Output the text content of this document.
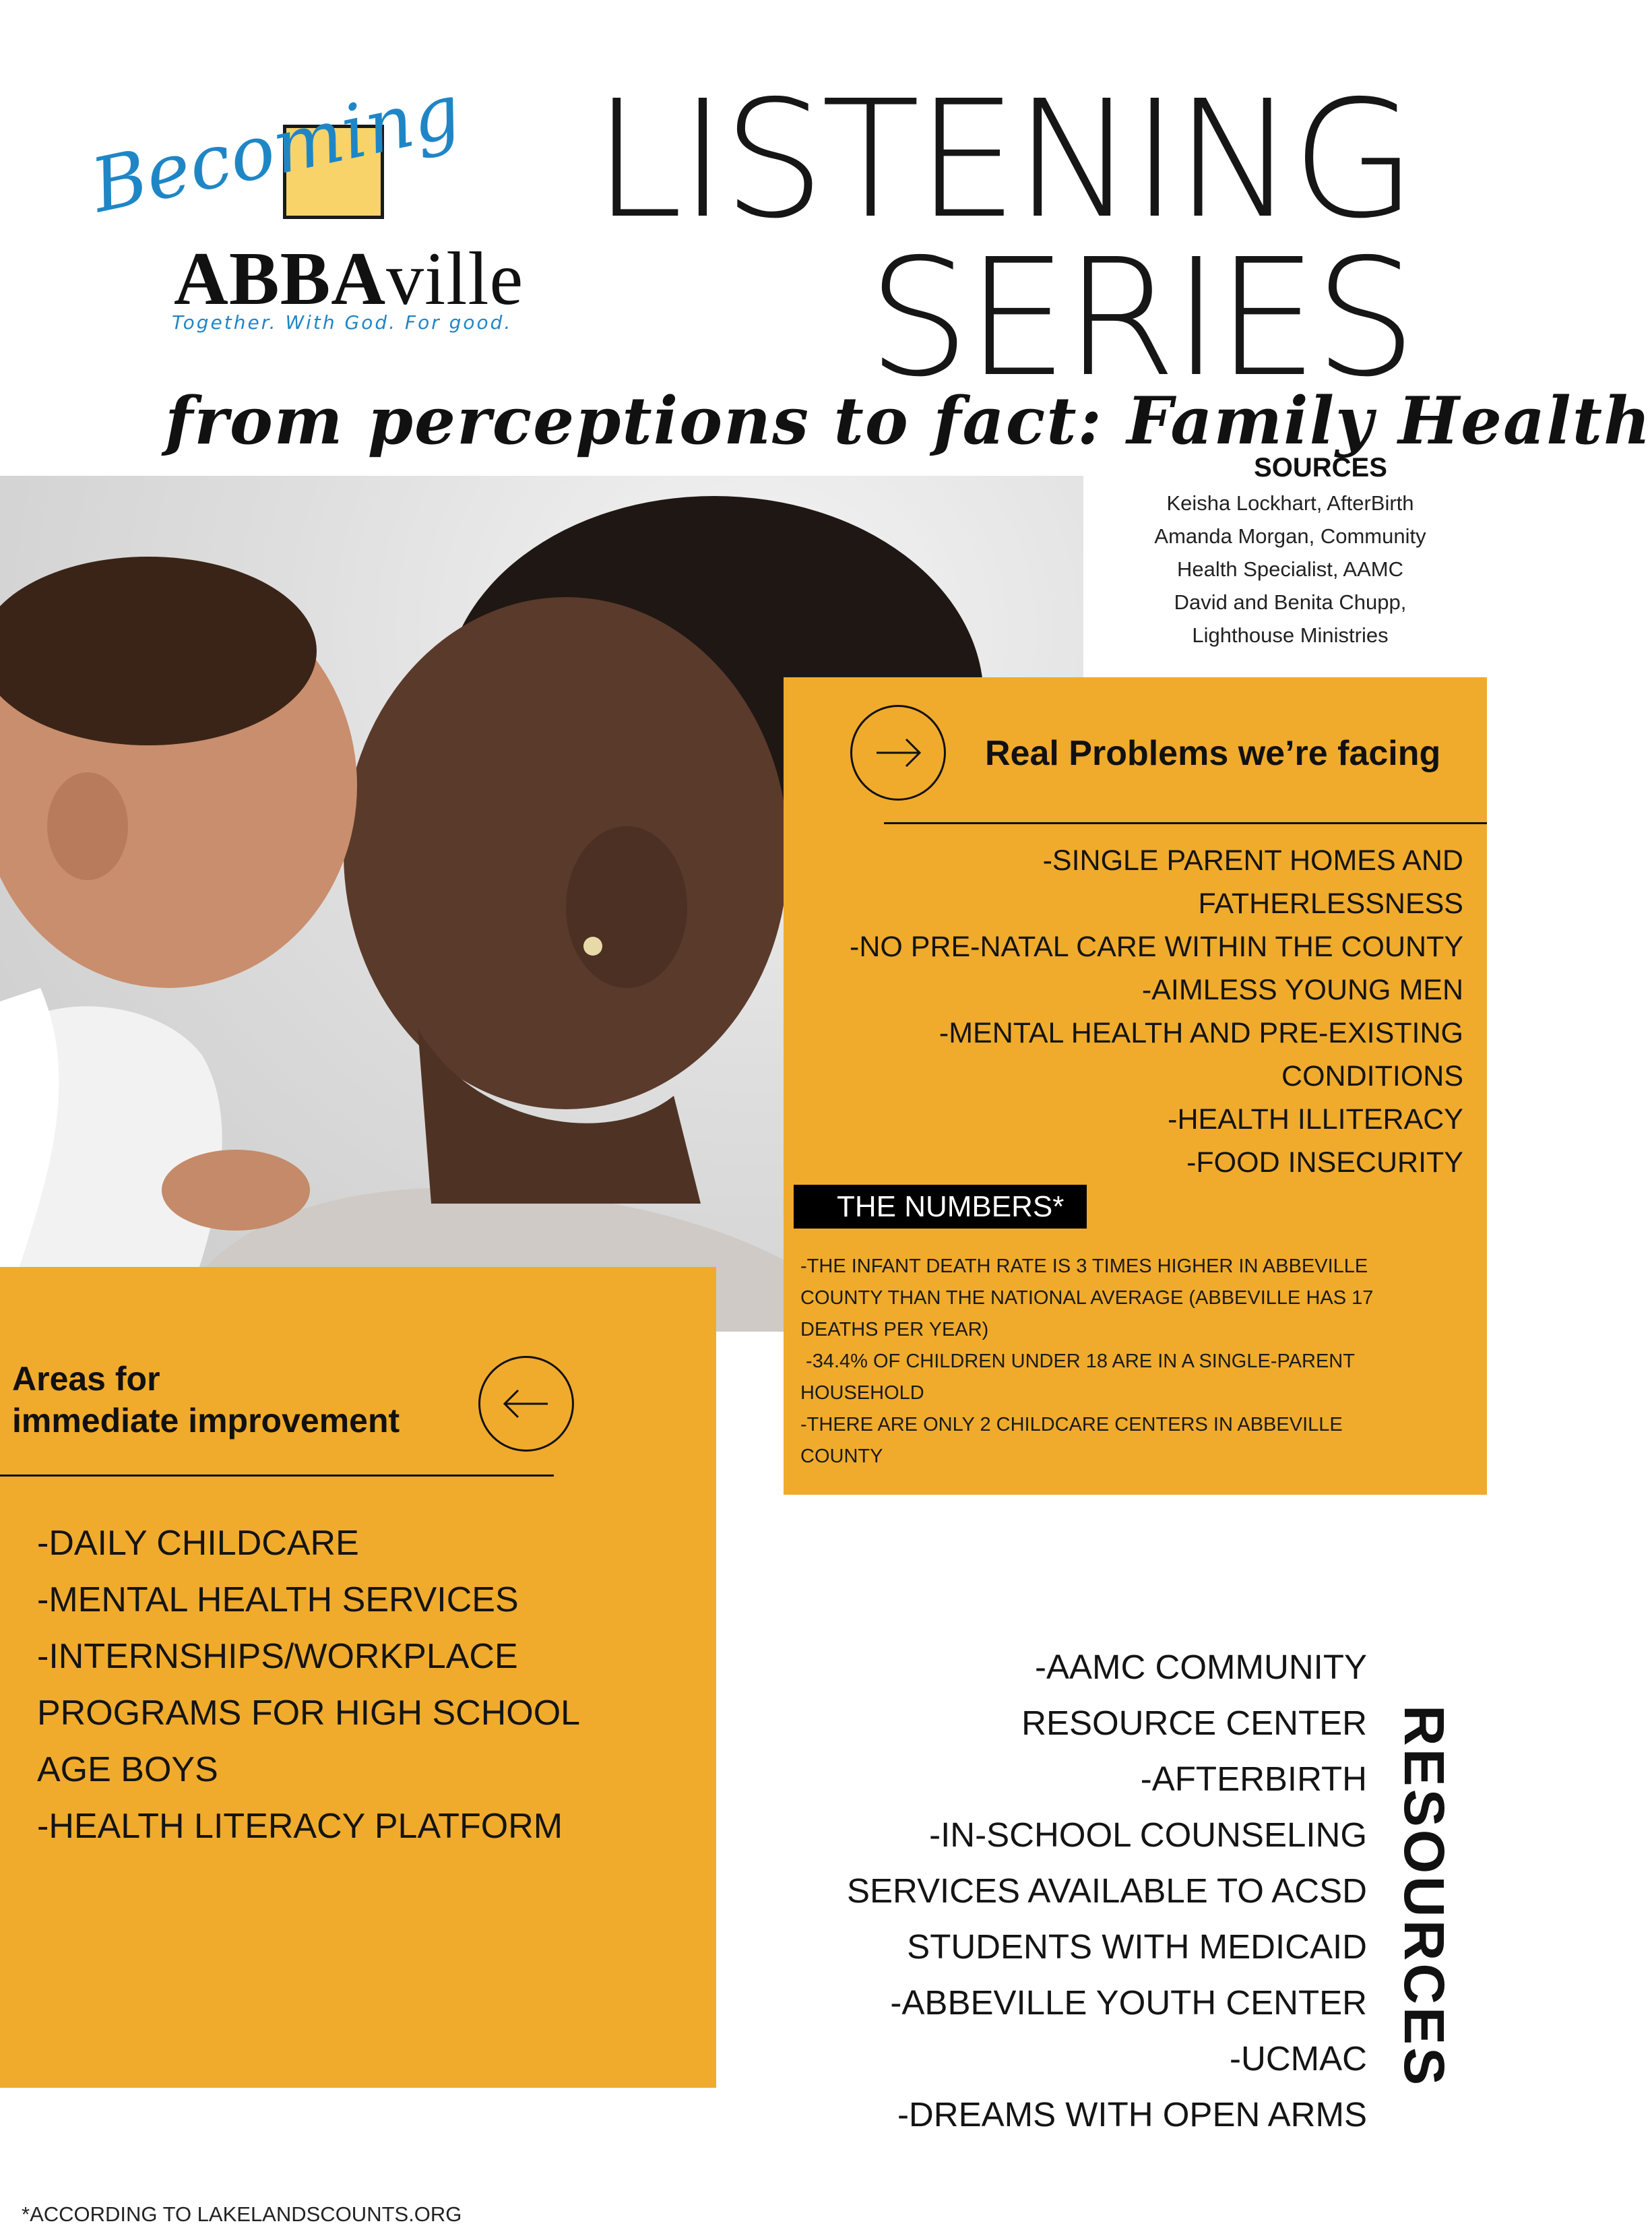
Becoming
ABBAville
Together. With God. For good.
LISTENING
SERIES
from perceptions to fact: Family Health
SOURCES
Keisha Lockhart, AfterBirth
Amanda Morgan, Community
Health Specialist, AAMC
David and Benita Chupp,
Lighthouse Ministries
Real Problems we’re facing
-SINGLE PARENT HOMES AND
FATHERLESSNESS
-NO PRE-NATAL CARE WITHIN THE COUNTY
-AIMLESS YOUNG MEN
-MENTAL HEALTH AND PRE-EXISTING
CONDITIONS
-HEALTH ILLITERACY
-FOOD INSECURITY
THE NUMBERS*
-THE INFANT DEATH RATE IS 3 TIMES HIGHER IN ABBEVILLE
COUNTY THAN THE NATIONAL AVERAGE (ABBEVILLE HAS 17
DEATHS PER YEAR)
-34.4% OF CHILDREN UNDER 18 ARE IN A SINGLE-PARENT
HOUSEHOLD
-THERE ARE ONLY 2 CHILDCARE CENTERS IN ABBEVILLE
COUNTY
Areas for
immediate improvement
-DAILY CHILDCARE
-MENTAL HEALTH SERVICES
-INTERNSHIPS/WORKPLACE
PROGRAMS FOR HIGH SCHOOL
AGE BOYS
-HEALTH LITERACY PLATFORM
-AAMC COMMUNITY
RESOURCE CENTER
-AFTERBIRTH
-IN-SCHOOL COUNSELING
SERVICES AVAILABLE TO ACSD
STUDENTS WITH MEDICAID
-ABBEVILLE YOUTH CENTER
-UCMAC
-DREAMS WITH OPEN ARMS
RESOURCES
*ACCORDING TO LAKELANDSCOUNTS.ORG
